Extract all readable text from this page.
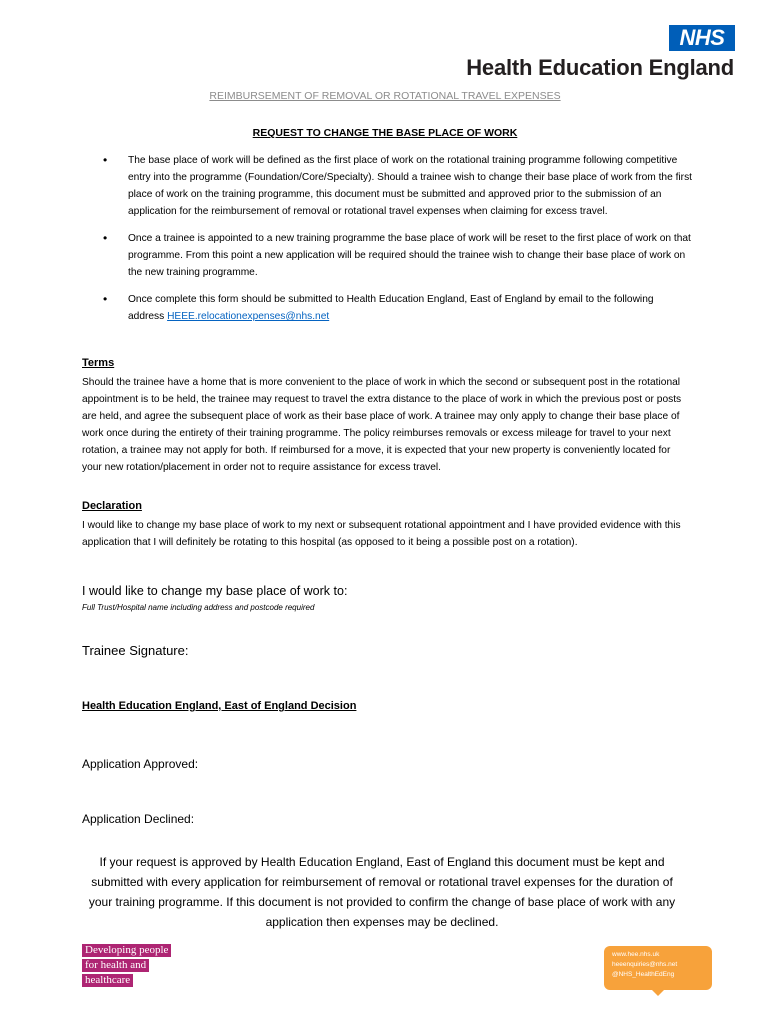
NHS
Health Education England
REIMBURSEMENT OF REMOVAL OR ROTATIONAL TRAVEL EXPENSES
REQUEST TO CHANGE THE BASE PLACE OF WORK
• The base place of work will be defined as the first place of work on the rotational training programme following competitive entry into the programme (Foundation/Core/Specialty). Should a trainee wish to change their base place of work from the first place of work on the training programme, this document must be submitted and approved prior to the submission of an application for the reimbursement of removal or rotational travel expenses when claiming for excess travel.
• Once a trainee is appointed to a new training programme the base place of work will be reset to the first place of work on that programme. From this point a new application will be required should the trainee wish to change their base place of work on the new training programme.
• Once complete this form should be submitted to Health Education England, East of England by email to the following address HEEE.relocationexpenses@nhs.net
Terms

Should the trainee have a home that is more convenient to the place of work in which the second or subsequent post in the rotational appointment is to be held, the trainee may request to travel the extra distance to the place of work in which the previous post or posts are held, and agree the subsequent place of work as their base place of work. A trainee may only apply to change their base place of work once during the entirety of their training programme. The policy reimburses removals or excess mileage for travel to your next rotation, a trainee may not apply for both. If reimbursed for a move, it is expected that your new property is conveniently located for your new rotation/placement in order not to require assistance for excess travel.

Declaration

I would like to change my base place of work to my next or subsequent rotational appointment and I have provided evidence with this application that I will definitely be rotating to this hospital (as opposed to it being a possible post on a rotation).

I would like to change my base place of work to:
Full Trust/Hospital name including address and postcode required
Trainee Signature:
Health Education England, East of England Decision
Application Approved:
Application Declined:

If your request is approved by Health Education England, East of England this document must be kept and submitted with every application for reimbursement of removal or rotational travel expenses for the duration of your training programme. If this document is not provided to confirm the change of base place of work with any application then expenses may be declined.

Developing people
for health and
healthcare
www.hee.nhs.uk
heeenquiries@nhs.net
@NHS_HealthEdEng
